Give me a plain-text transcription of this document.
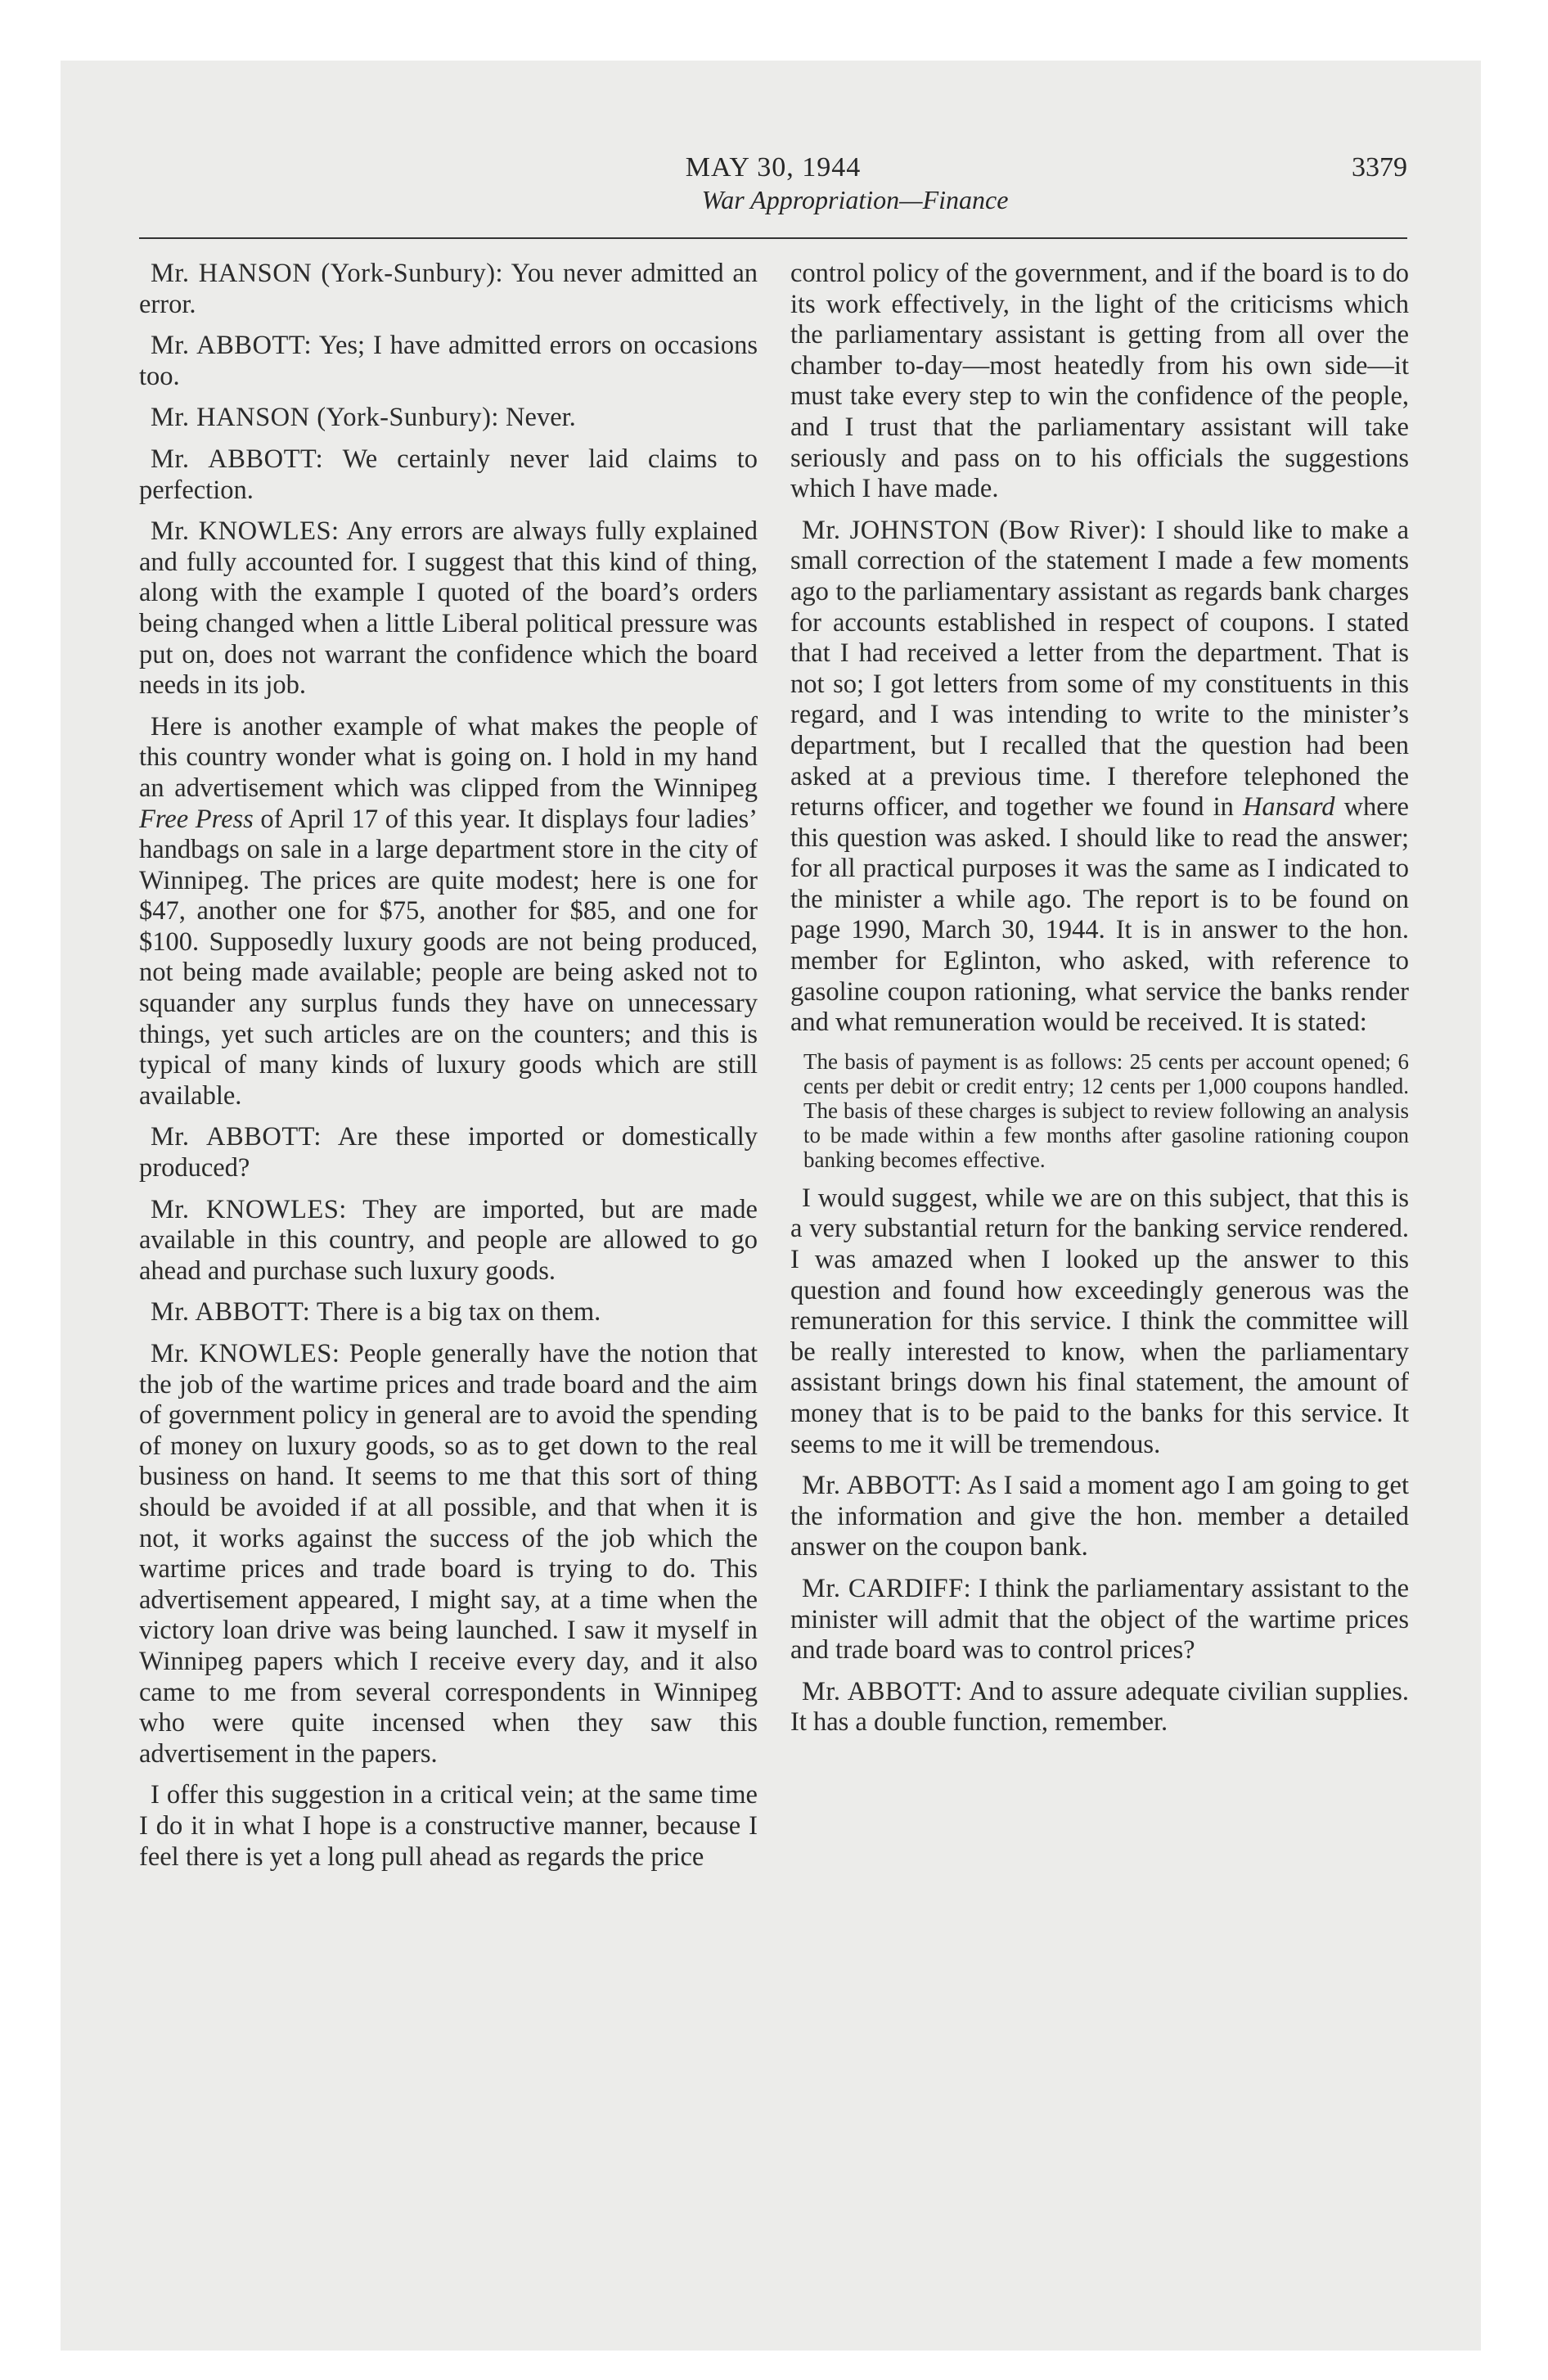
MAY 30, 1944	3379
War Appropriation—Finance

Mr. HANSON (York-Sunbury): You never admitted an error.

Mr. ABBOTT: Yes; I have admitted errors on occasions too.

Mr. HANSON (York-Sunbury): Never.

Mr. ABBOTT: We certainly never laid claims to perfection.

Mr. KNOWLES: Any errors are always fully explained and fully accounted for. I suggest that this kind of thing, along with the example I quoted of the board’s orders being changed when a little Liberal political pressure was put on, does not warrant the confidence which the board needs in its job.

Here is another example of what makes the people of this country wonder what is going on. I hold in my hand an advertisement which was clipped from the Winnipeg Free Press of April 17 of this year. It displays four ladies’ handbags on sale in a large department store in the city of Winnipeg. The prices are quite modest; here is one for $47, another one for $75, another for $85, and one for $100. Supposedly luxury goods are not being produced, not being made available; people are being asked not to squander any surplus funds they have on unnecessary things, yet such articles are on the counters; and this is typical of many kinds of luxury goods which are still available.

Mr. ABBOTT: Are these imported or domestically produced?

Mr. KNOWLES: They are imported, but are made available in this country, and people are allowed to go ahead and purchase such luxury goods.

Mr. ABBOTT: There is a big tax on them.

Mr. KNOWLES: People generally have the notion that the job of the wartime prices and trade board and the aim of government policy in general are to avoid the spending of money on luxury goods, so as to get down to the real business on hand. It seems to me that this sort of thing should be avoided if at all possible, and that when it is not, it works against the success of the job which the wartime prices and trade board is trying to do. This advertisement appeared, I might say, at a time when the victory loan drive was being launched. I saw it myself in Winnipeg papers which I receive every day, and it also came to me from several correspondents in Winnipeg who were quite incensed when they saw this advertisement in the papers.

I offer this suggestion in a critical vein; at the same time I do it in what I hope is a constructive manner, because I feel there is yet a long pull ahead as regards the price

control policy of the government, and if the board is to do its work effectively, in the light of the criticisms which the parliamentary assistant is getting from all over the chamber to-day—most heatedly from his own side—it must take every step to win the confidence of the people, and I trust that the parliamentary assistant will take seriously and pass on to his officials the suggestions which I have made.

Mr. JOHNSTON (Bow River): I should like to make a small correction of the statement I made a few moments ago to the parliamentary assistant as regards bank charges for accounts established in respect of coupons. I stated that I had received a letter from the department. That is not so; I got letters from some of my constituents in this regard, and I was intending to write to the minister’s department, but I recalled that the question had been asked at a previous time. I therefore telephoned the returns officer, and together we found in Hansard where this question was asked. I should like to read the answer; for all practical purposes it was the same as I indicated to the minister a while ago. The report is to be found on page 1990, March 30, 1944. It is in answer to the hon. member for Eglinton, who asked, with reference to gasoline coupon rationing, what service the banks render and what remuneration would be received. It is stated:

The basis of payment is as follows: 25 cents per account opened; 6 cents per debit or credit entry; 12 cents per 1,000 coupons handled. The basis of these charges is subject to review following an analysis to be made within a few months after gasoline rationing coupon banking becomes effective.

I would suggest, while we are on this subject, that this is a very substantial return for the banking service rendered. I was amazed when I looked up the answer to this question and found how exceedingly generous was the remuneration for this service. I think the committee will be really interested to know, when the parliamentary assistant brings down his final statement, the amount of money that is to be paid to the banks for this service. It seems to me it will be tremendous.

Mr. ABBOTT: As I said a moment ago I am going to get the information and give the hon. member a detailed answer on the coupon bank.

Mr. CARDIFF: I think the parliamentary assistant to the minister will admit that the object of the wartime prices and trade board was to control prices?

Mr. ABBOTT: And to assure adequate civilian supplies. It has a double function, remember.
